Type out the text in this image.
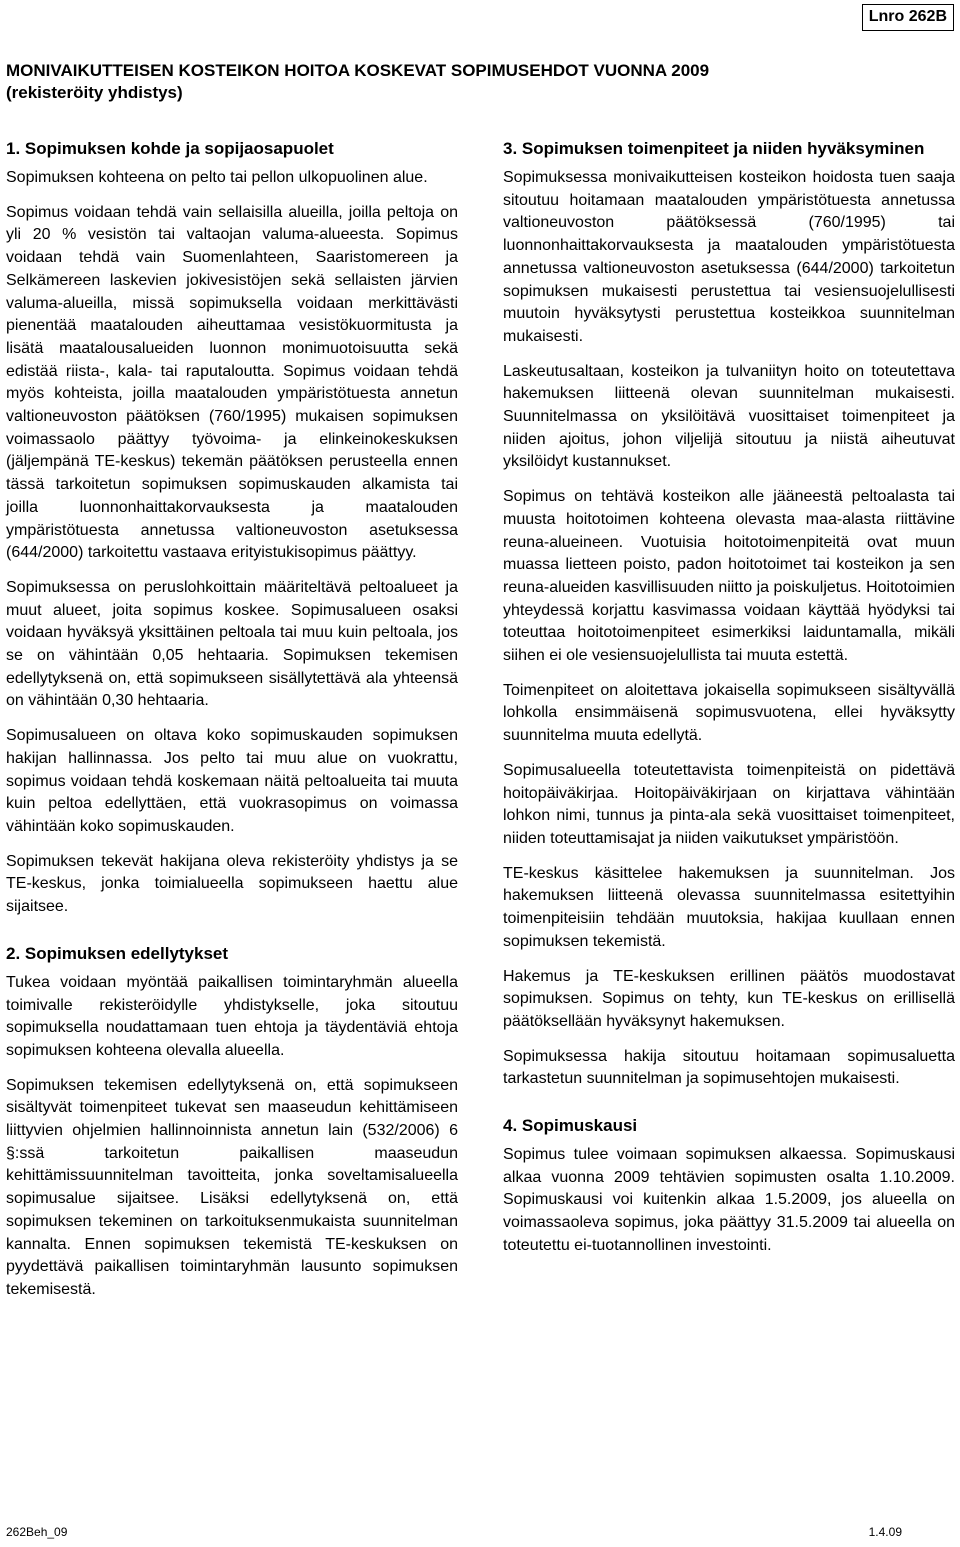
Lnro 262B
MONIVAIKUTTEISEN KOSTEIKON HOITOA KOSKEVAT SOPIMUSEHDOT VUONNA 2009
(rekisteröity yhdistys)
1. Sopimuksen kohde ja sopijaosapuolet

Sopimuksen kohteena on pelto tai pellon ulkopuolinen alue.

Sopimus voidaan tehdä vain sellaisilla alueilla, joilla peltoja on yli 20 % vesistön tai valtaojan valuma-alueesta. Sopimus voidaan tehdä vain Suomenlahteen, Saaristomereen ja Selkämereen laskevien jokivesistöjen sekä sellaisten järvien valuma-alueilla, missä sopimuksella voidaan merkittävästi pienentää maatalouden aiheuttamaa vesistökuormitusta ja lisätä maatalousalueiden luonnon monimuotoisuutta sekä edistää riista-, kala- tai raputaloutta. Sopimus voidaan tehdä myös kohteista, joilla maatalouden ympäristötuesta annetun valtioneuvoston päätöksen (760/1995) mukaisen sopimuksen voimassaolo päättyy työvoima- ja elinkeinokeskuksen (jäljempänä TE-keskus) tekemän päätöksen perusteella ennen tässä tarkoitetun sopimuksen sopimuskauden alkamista tai joilla luonnonhaittakorvauksesta ja maatalouden ympäristötuesta annetussa valtioneuvoston asetuksessa (644/2000) tarkoitettu vastaava erityistukisopimus päättyy.

Sopimuksessa on peruslohkoittain määriteltävä peltoalueet ja muut alueet, joita sopimus koskee. Sopimusalueen osaksi voidaan hyväksyä yksittäinen peltoala tai muu kuin peltoala, jos se on vähintään 0,05 hehtaaria. Sopimuksen tekemisen edellytyksenä on, että sopimukseen sisällytettävä ala yhteensä on vähintään 0,30 hehtaaria.

Sopimusalueen on oltava koko sopimuskauden sopimuksen hakijan hallinnassa. Jos pelto tai muu alue on vuokrattu, sopimus voidaan tehdä koskemaan näitä peltoalueita tai muuta kuin peltoa edellyttäen, että vuokrasopimus on voimassa vähintään koko sopimuskauden.

Sopimuksen tekevät hakijana oleva rekisteröity yhdistys ja se TE-keskus, jonka toimialueella sopimukseen haettu alue sijaitsee.

2. Sopimuksen edellytykset

Tukea voidaan myöntää paikallisen toimintaryhmän alueella toimivalle rekisteröidylle yhdistykselle, joka sitoutuu sopimuksella noudattamaan tuen ehtoja ja täydentäviä ehtoja sopimuksen kohteena olevalla alueella.

Sopimuksen tekemisen edellytyksenä on, että sopimukseen sisältyvät toimenpiteet tukevat sen maaseudun kehittämiseen liittyvien ohjelmien hallinnoinnista annetun lain (532/2006) 6 §:ssä tarkoitetun paikallisen maaseudun kehittämissuunnitelman tavoitteita, jonka soveltamisalueella sopimusalue sijaitsee. Lisäksi edellytyksenä on, että sopimuksen tekeminen on tarkoituksenmukaista suunnitelman kannalta. Ennen sopimuksen tekemistä TE-keskuksen on pyydettävä paikallisen toimintaryhmän lausunto sopimuksen tekemisestä.

3. Sopimuksen toimenpiteet ja niiden hyväksyminen

Sopimuksessa monivaikutteisen kosteikon hoidosta tuen saaja sitoutuu hoitamaan maatalouden ympäristötuesta annetussa valtioneuvoston päätöksessä (760/1995) tai luonnonhaittakorvauksesta ja maatalouden ympäristötuesta annetussa valtioneuvoston asetuksessa (644/2000) tarkoitetun sopimuksen mukaisesti perustettua tai vesiensuojelullisesti muutoin hyväksytysti perustettua kosteikkoa suunnitelman mukaisesti.

Laskeutusaltaan, kosteikon ja tulvaniityn hoito on toteutettava hakemuksen liitteenä olevan suunnitelman mukaisesti. Suunnitelmassa on yksilöitävä vuosittaiset toimenpiteet ja niiden ajoitus, johon viljelijä sitoutuu ja niistä aiheutuvat yksilöidyt kustannukset.

Sopimus on tehtävä kosteikon alle jääneestä peltoalasta tai muusta hoitotoimen kohteena olevasta maa-alasta riittävine reuna-alueineen. Vuotuisia hoitotoimenpiteitä ovat muun muassa lietteen poisto, padon hoitotoimet tai kosteikon ja sen reuna-alueiden kasvillisuuden niitto ja poiskuljetus. Hoitotoimien yhteydessä korjattu kasvimassa voidaan käyttää hyödyksi tai toteuttaa hoitotoimenpiteet esimerkiksi laiduntamalla, mikäli siihen ei ole vesiensuojelullista tai muuta estettä.

Toimenpiteet on aloitettava jokaisella sopimukseen sisältyvällä lohkolla ensimmäisenä sopimusvuotena, ellei hyväksytty suunnitelma muuta edellytä.

Sopimusalueella toteutettavista toimenpiteistä on pidettävä hoitopäiväkirjaa. Hoitopäiväkirjaan on kirjattava vähintään lohkon nimi, tunnus ja pinta-ala sekä vuosittaiset toimenpiteet, niiden toteuttamisajat ja niiden vaikutukset ympäristöön.

TE-keskus käsittelee hakemuksen ja suunnitelman. Jos hakemuksen liitteenä olevassa suunnitelmassa esitettyihin toimenpiteisiin tehdään muutoksia, hakijaa kuullaan ennen sopimuksen tekemistä.

Hakemus ja TE-keskuksen erillinen päätös muodostavat sopimuksen. Sopimus on tehty, kun TE-keskus on erillisellä päätöksellään hyväksynyt hakemuksen.

Sopimuksessa hakija sitoutuu hoitamaan sopimusaluetta tarkastetun suunnitelman ja sopimusehtojen mukaisesti.

4. Sopimuskausi

Sopimus tulee voimaan sopimuksen alkaessa. Sopimuskausi alkaa vuonna 2009 tehtävien sopimusten osalta 1.10.2009. Sopimuskausi voi kuitenkin alkaa 1.5.2009, jos alueella on voimassaoleva sopimus, joka päättyy 31.5.2009 tai alueella on toteutettu ei-tuotannollinen investointi.

262Beh_09	1.4.09
